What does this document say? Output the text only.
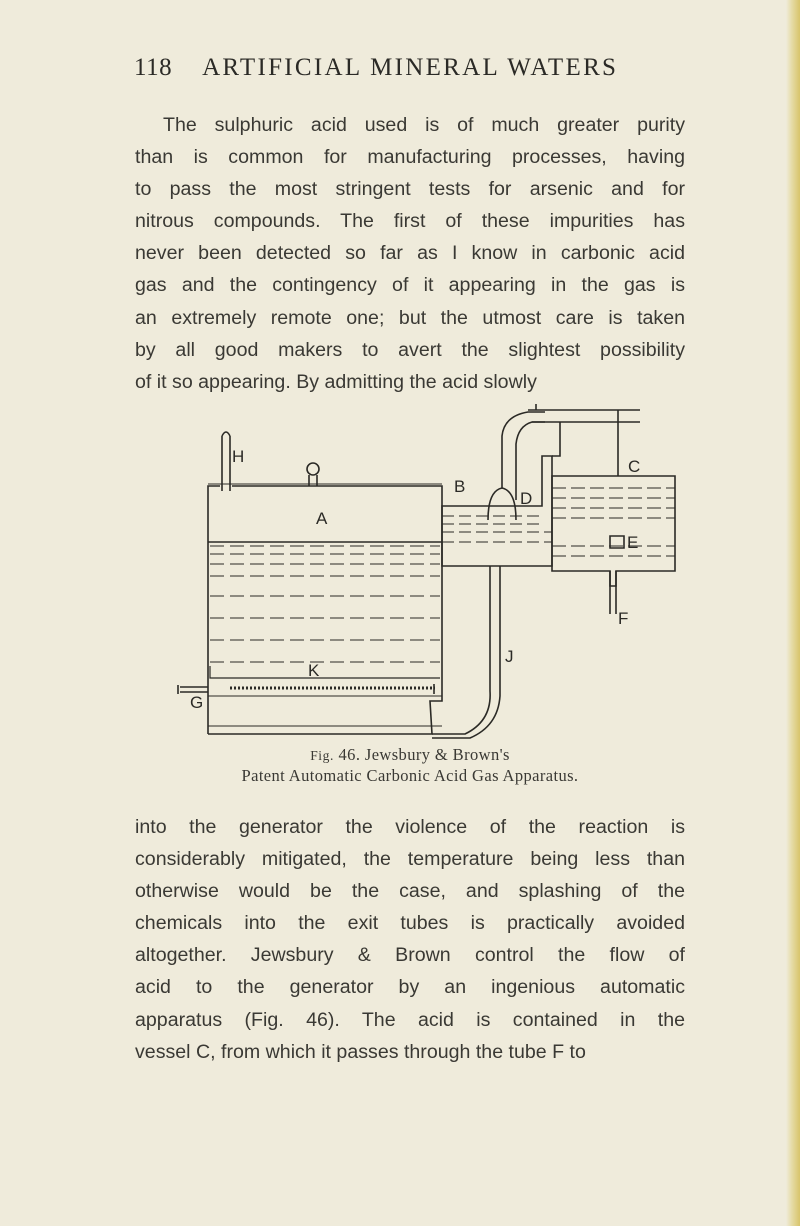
118 ARTIFICIAL MINERAL WATERS
The sulphuric acid used is of much greater purity
than is common for manufacturing processes, having
to pass the most stringent tests for arsenic and for
nitrous compounds. The first of these impurities has
never been detected so far as I know in carbonic acid
gas and the contingency of it appearing in the gas is
an extremely remote one; but the utmost care is taken
by all good makers to avert the slightest possibility
of it so appearing. By admitting the acid slowly
H
A
B
D
C
E
F
J
K
G
Fig. 46. Jewsbury & Brown's
Patent Automatic Carbonic Acid Gas Apparatus.
into the generator the violence of the reaction is
considerably mitigated, the temperature being less than
otherwise would be the case, and splashing of the
chemicals into the exit tubes is practically avoided
altogether. Jewsbury & Brown control the flow of
acid to the generator by an ingenious automatic
apparatus (Fig. 46). The acid is contained in the
vessel C, from which it passes through the tube F to
